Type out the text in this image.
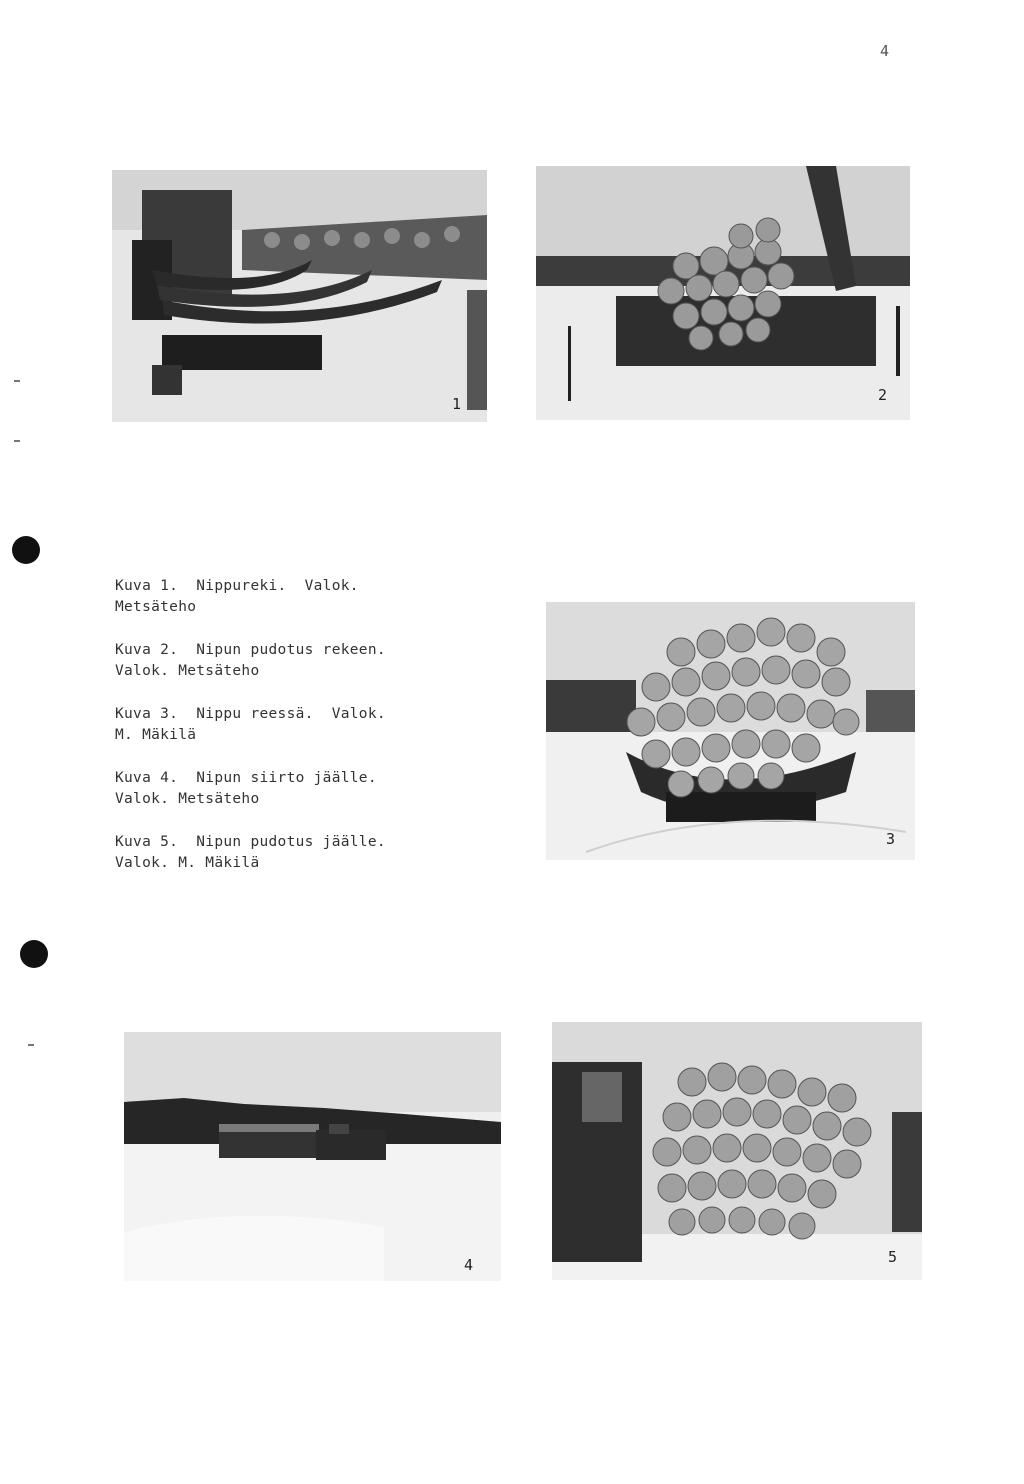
4
1	2
3
4	5
Kuva 1.  Nippureki.  Valok.
Metsäteho
Kuva 2.  Nipun pudotus rekeen.
Valok. Metsäteho
Kuva 3.  Nippu reessä.  Valok.
M. Mäkilä
Kuva 4.  Nipun siirto jäälle.
Valok. Metsäteho
Kuva 5.  Nipun pudotus jäälle.
Valok. M. Mäkilä
